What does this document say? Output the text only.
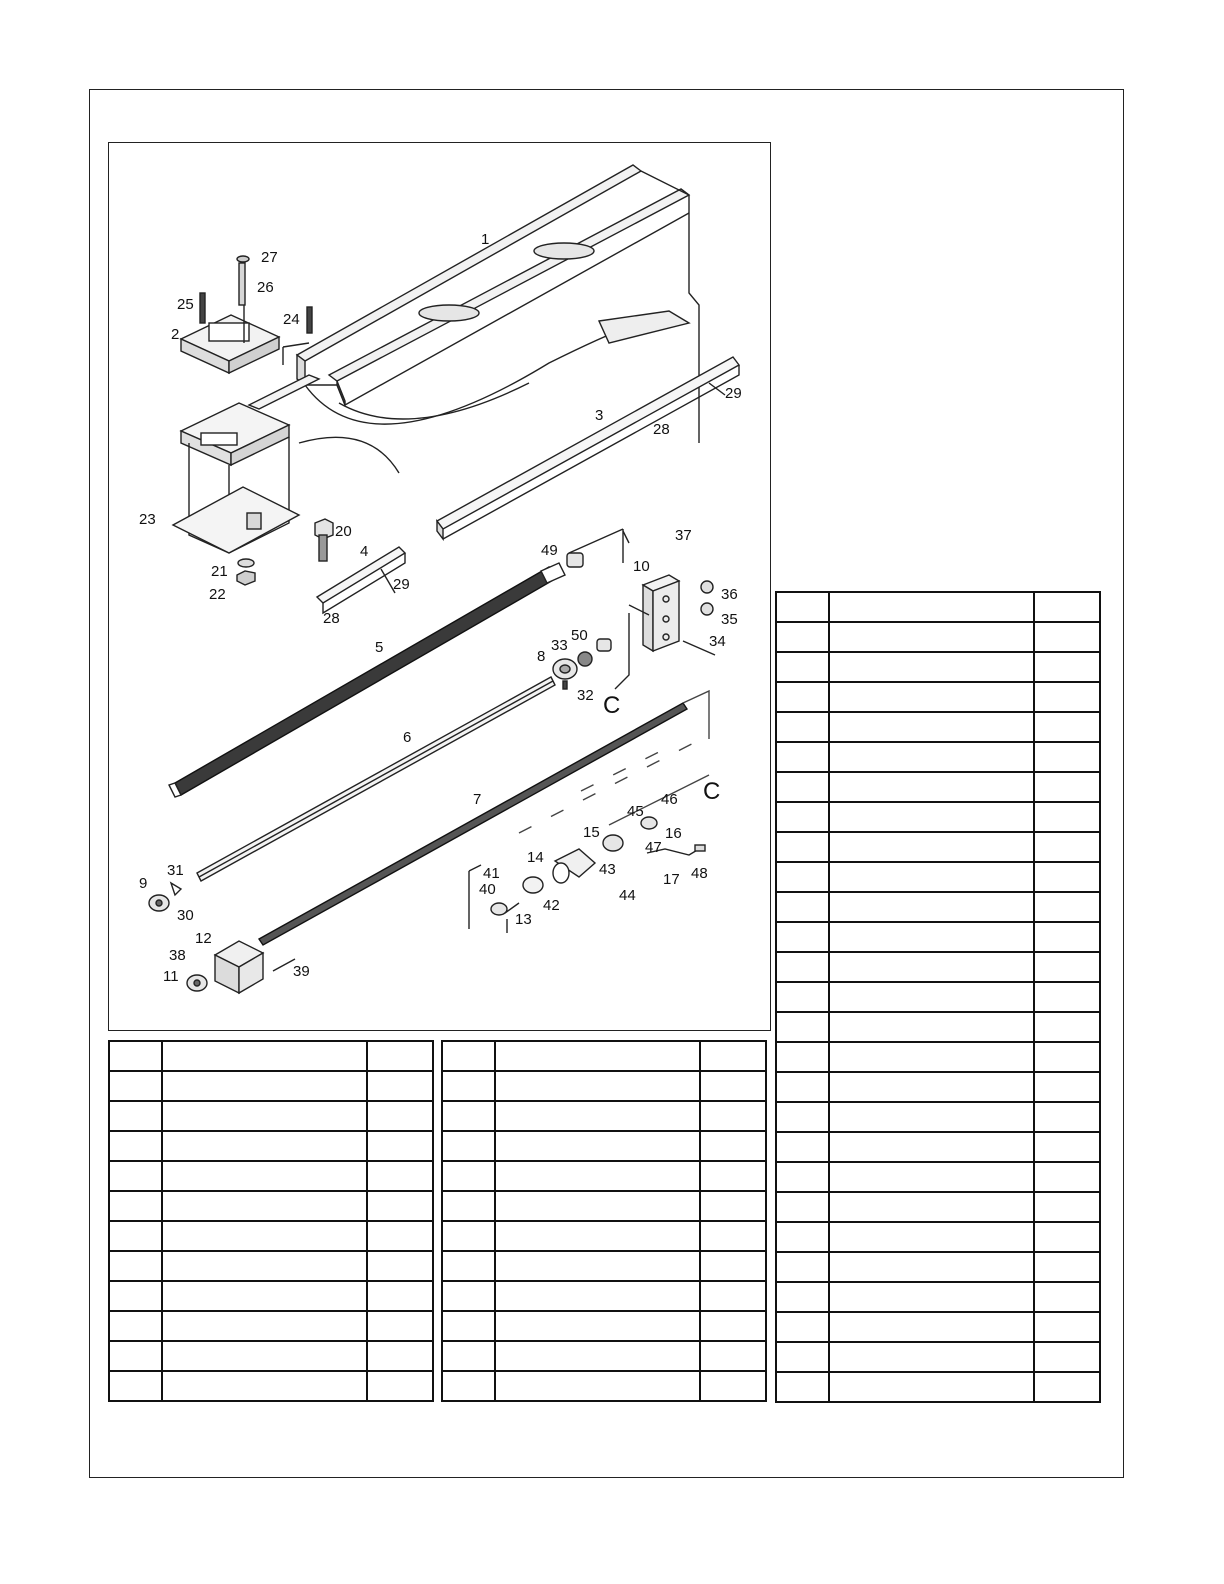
1
2
3
4
5
6
7
8
9
10
11
12
13
14
15	16
17
20
21
22
23
24
25
26
27
28
28
29
29
30
31
32
33	34
35
36
37
38
39
40
41
42
43
44
45
46
47
48
49
50
C
C
